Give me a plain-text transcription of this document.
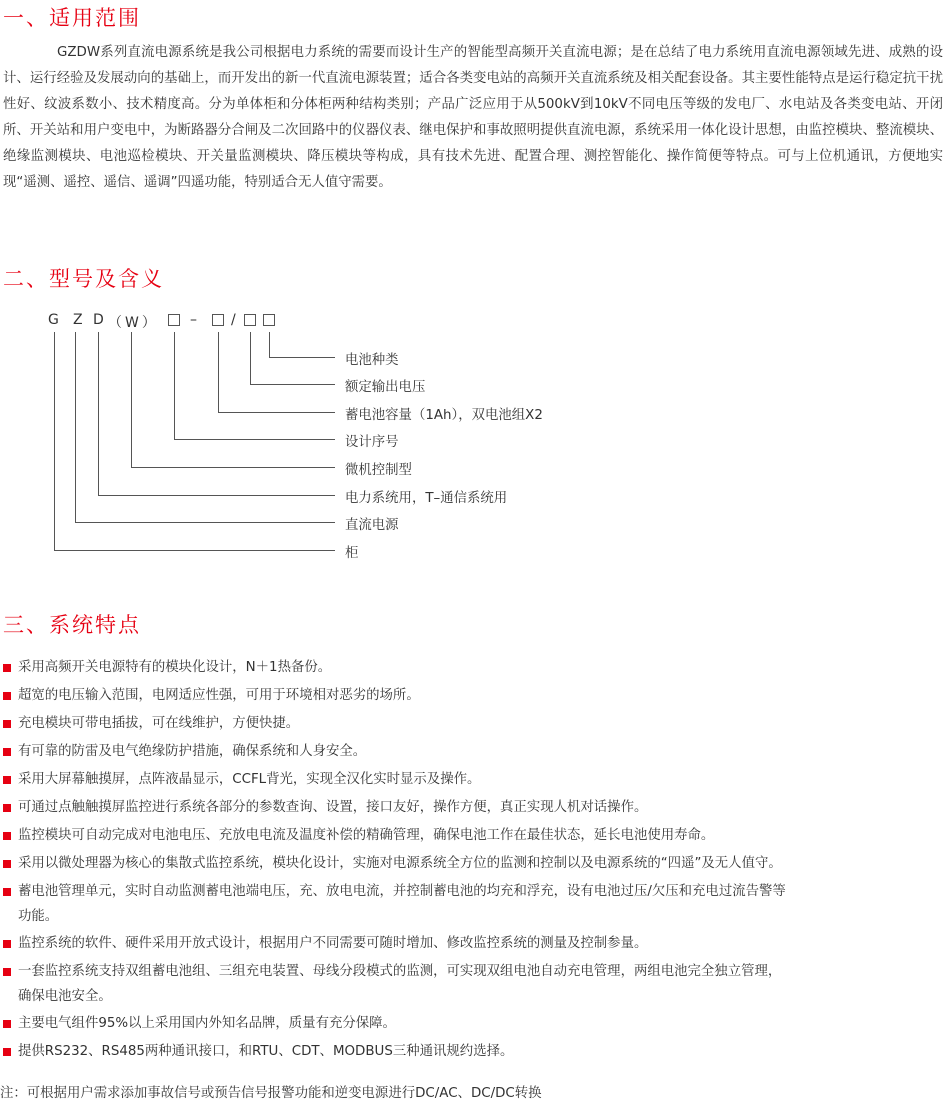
一、适用范围

GZDW系列直流电源系统是我公司根据电力系统的需要而设计生产的智能型高频开关直流电源；是在总结了电力系统用直流电源领域先进、成熟的设计、运行经验及发展动向的基础上，而开发出的新一代直流电源装置；适合各类变电站的高频开关直流系统及相关配套设备。其主要性能特点是运行稳定抗干扰性好、纹波系数小、技术精度高。分为单体柜和分体柜两种结构类别；产品广泛应用于从500kV到10kV不同电压等级的发电厂、水电站及各类变电站、开闭所、开关站和用户变电中，为断路器分合闸及二次回路中的仪器仪表、继电保护和事故照明提供直流电源，系统采用一体化设计思想，由监控模块、整流模块、绝缘监测模块、电池巡检模块、开关量监测模块、降压模块等构成，具有技术先进、配置合理、测控智能化、操作简便等特点。可与上位机通讯，方便地实现“遥测、遥控、遥信、遥调”四遥功能，特别适合无人值守需要。

二、型号及含义
G Z D （W） – /
电池种类
额定输出电压
蓄电池容量（1Ah），双电池组X2
设计序号
微机控制型
电力系统用，T–通信系统用
直流电源
柜
三、系统特点
采用高频开关电源特有的模块化设计，N＋1热备份。
超宽的电压输入范围，电网适应性强，可用于环境相对恶劣的场所。
充电模块可带电插拔，可在线维护，方便快捷。
有可靠的防雷及电气绝缘防护措施，确保系统和人身安全。
采用大屏幕触摸屏，点阵液晶显示，CCFL背光，实现全汉化实时显示及操作。
可通过点触触摸屏监控进行系统各部分的参数查询、设置，接口友好，操作方便，真正实现人机对话操作。
监控模块可自动完成对电池电压、充放电电流及温度补偿的精确管理，确保电池工作在最佳状态，延长电池使用寿命。
采用以微处理器为核心的集散式监控系统，模块化设计，实施对电源系统全方位的监测和控制以及电源系统的“四遥”及无人值守。
蓄电池管理单元，实时自动监测蓄电池端电压，充、放电电流，并控制蓄电池的均充和浮充，设有电池过压/欠压和充电过流告警等
功能。
监控系统的软件、硬件采用开放式设计，根据用户不同需要可随时增加、修改监控系统的测量及控制参量。
一套监控系统支持双组蓄电池组、三组充电装置、母线分段模式的监测，可实现双组电池自动充电管理，两组电池完全独立管理，
确保电池安全。
主要电气组件95%以上采用国内外知名品牌，质量有充分保障。
提供RS232、RS485两种通讯接口，和RTU、CDT、MODBUS三种通讯规约选择。
注：可根据用户需求添加事故信号或预告信号报警功能和逆变电源进行DC/AC、DC/DC转换
